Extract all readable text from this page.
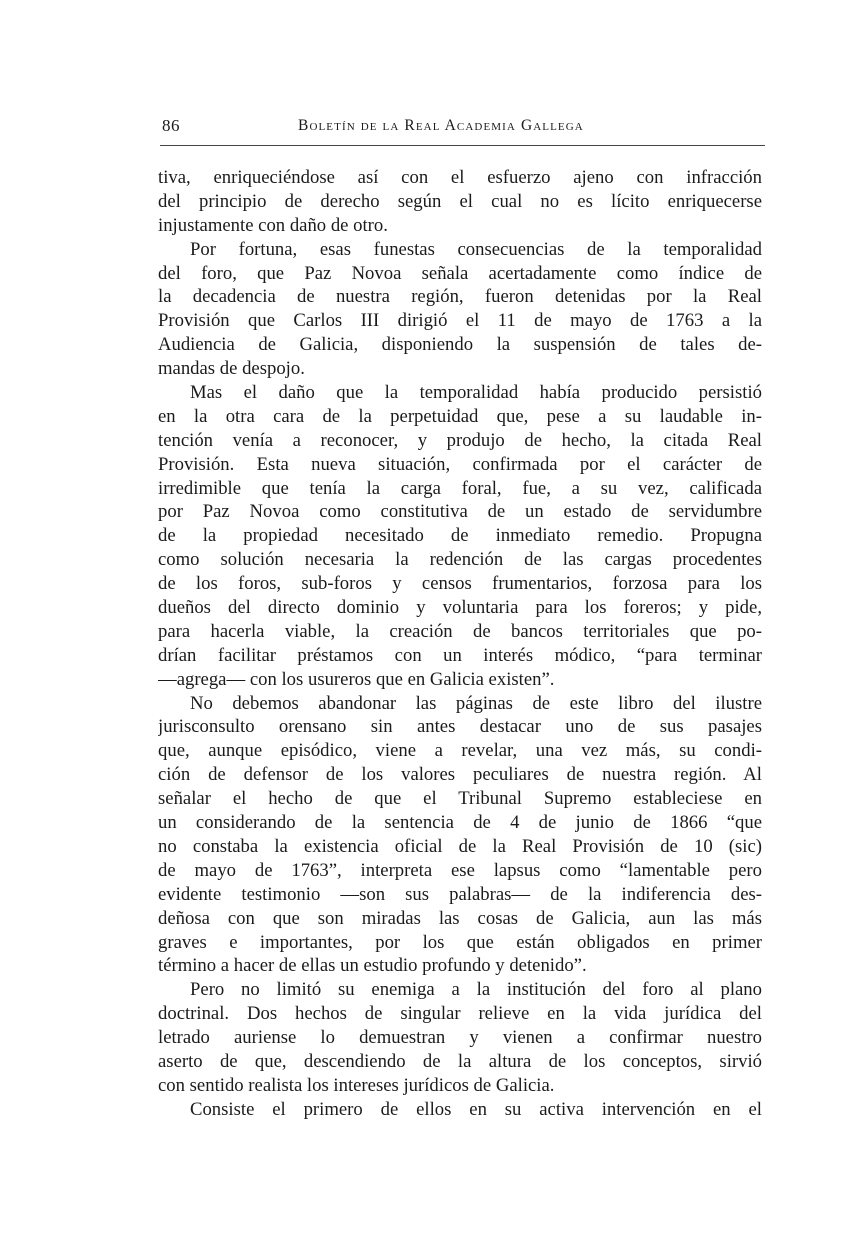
86	Boletín de la Real Academia Gallega
tiva, enriqueciéndose así con el esfuerzo ajeno con infracción
del principio de derecho según el cual no es lícito enriquecerse
injustamente con daño de otro.
Por fortuna, esas funestas consecuencias de la temporalidad
del foro, que Paz Novoa señala acertadamente como índice de
la decadencia de nuestra región, fueron detenidas por la Real
Provisión que Carlos III dirigió el 11 de mayo de 1763 a la
Audiencia de Galicia, disponiendo la suspensión de tales de-
mandas de despojo.
Mas el daño que la temporalidad había producido persistió
en la otra cara de la perpetuidad que, pese a su laudable in-
tención venía a reconocer, y produjo de hecho, la citada Real
Provisión. Esta nueva situación, confirmada por el carácter de
irredimible que tenía la carga foral, fue, a su vez, calificada
por Paz Novoa como constitutiva de un estado de servidumbre
de la propiedad necesitado de inmediato remedio. Propugna
como solución necesaria la redención de las cargas procedentes
de los foros, sub-foros y censos frumentarios, forzosa para los
dueños del directo dominio y voluntaria para los foreros; y pide,
para hacerla viable, la creación de bancos territoriales que po-
drían facilitar préstamos con un interés módico, “para terminar
—agrega— con los usureros que en Galicia existen”.
No debemos abandonar las páginas de este libro del ilustre
jurisconsulto orensano sin antes destacar uno de sus pasajes
que, aunque episódico, viene a revelar, una vez más, su condi-
ción de defensor de los valores peculiares de nuestra región. Al
señalar el hecho de que el Tribunal Supremo estableciese en
un considerando de la sentencia de 4 de junio de 1866 “que
no constaba la existencia oficial de la Real Provisión de 10 (sic)
de mayo de 1763”, interpreta ese lapsus como “lamentable pero
evidente testimonio —son sus palabras— de la indiferencia des-
deñosa con que son miradas las cosas de Galicia, aun las más
graves e importantes, por los que están obligados en primer
término a hacer de ellas un estudio profundo y detenido”.
Pero no limitó su enemiga a la institución del foro al plano
doctrinal. Dos hechos de singular relieve en la vida jurídica del
letrado auriense lo demuestran y vienen a confirmar nuestro
aserto de que, descendiendo de la altura de los conceptos, sirvió
con sentido realista los intereses jurídicos de Galicia.
Consiste el primero de ellos en su activa intervención en el
